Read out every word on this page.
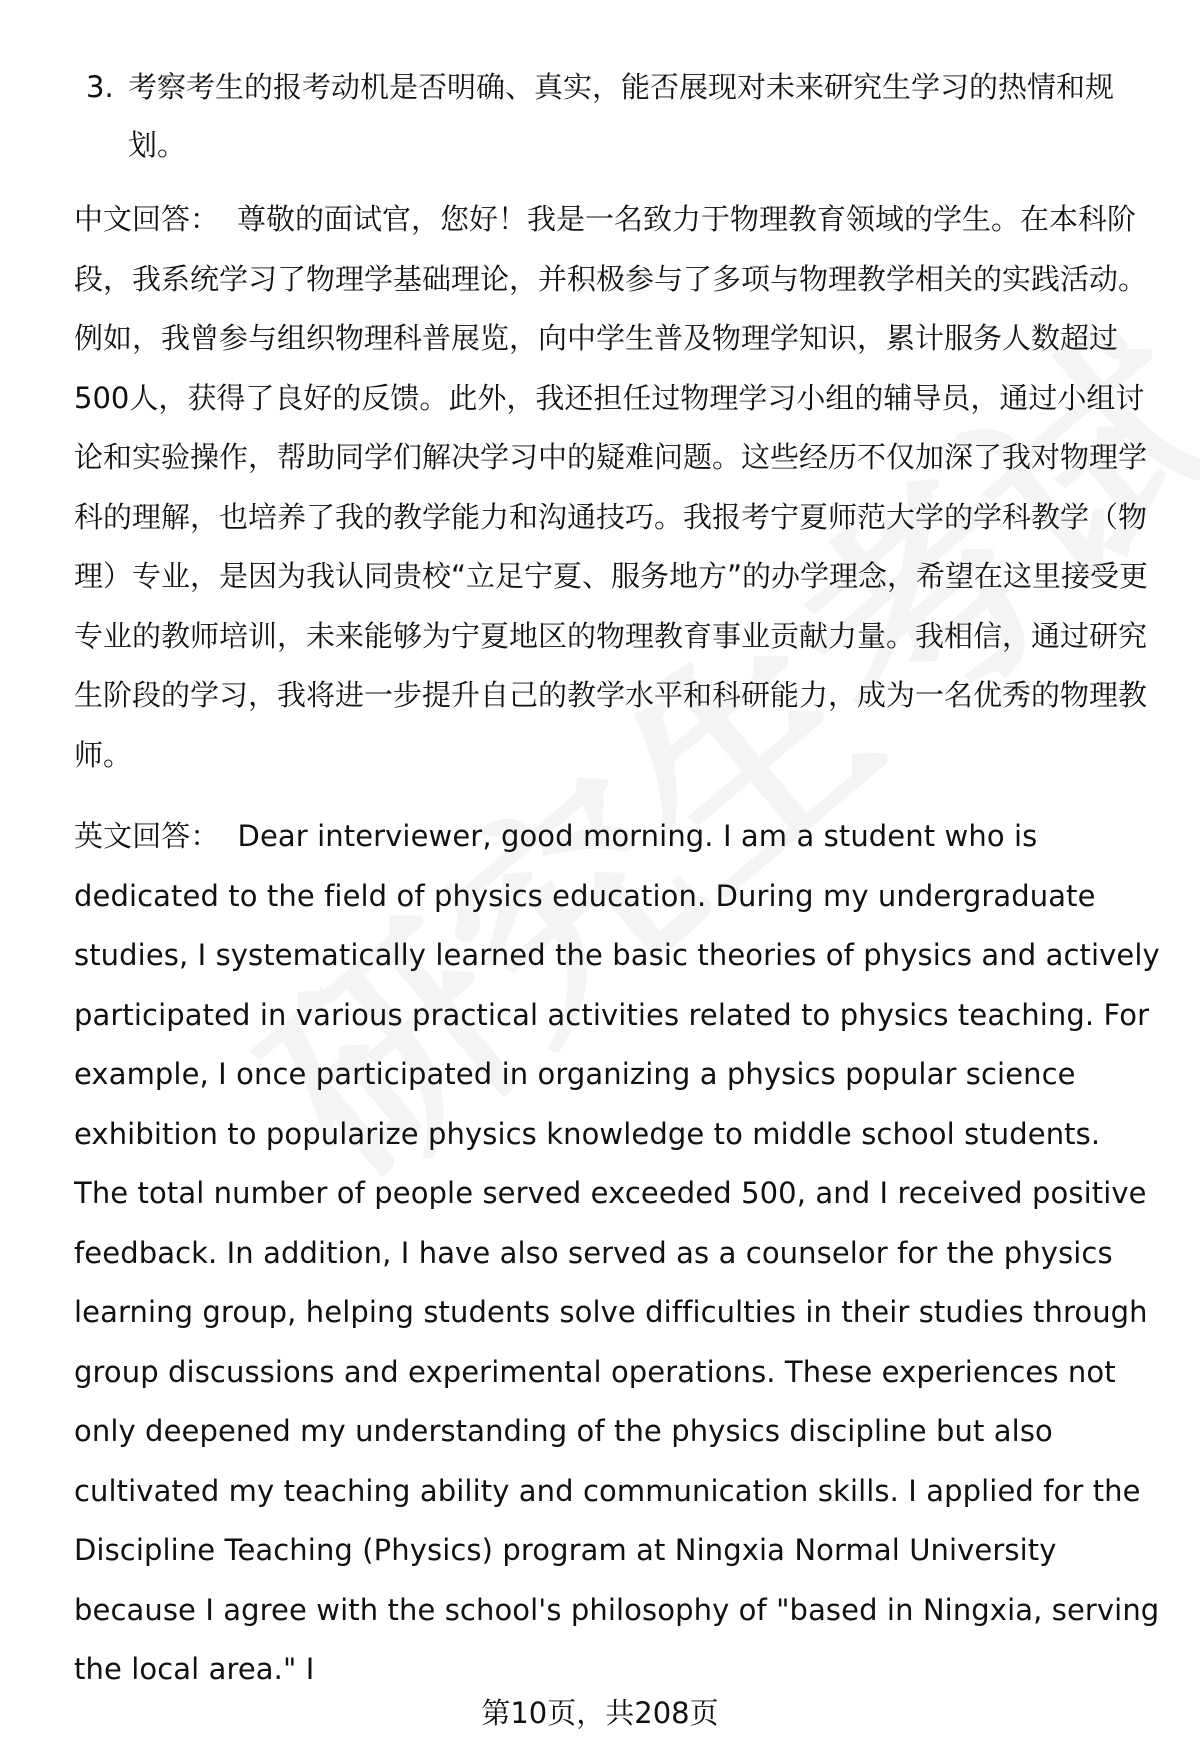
3. 考察考生的报考动机是否明确、真实，能否展现对未来研究生学习的热情和规划。

中文回答： 尊敬的面试官，您好！我是一名致力于物理教育领域的学生。在本科阶段，我系统学习了物理学基础理论，并积极参与了多项与物理教学相关的实践活动。例如，我曾参与组织物理科普展览，向中学生普及物理学知识，累计服务人数超过500人，获得了良好的反馈。此外，我还担任过物理学习小组的辅导员，通过小组讨论和实验操作，帮助同学们解决学习中的疑难问题。这些经历不仅加深了我对物理学科的理解，也培养了我的教学能力和沟通技巧。我报考宁夏师范大学的学科教学（物理）专业，是因为我认同贵校“立足宁夏、服务地方”的办学理念，希望在这里接受更专业的教师培训，未来能够为宁夏地区的物理教育事业贡献力量。我相信，通过研究生阶段的学习，我将进一步提升自己的教学水平和科研能力，成为一名优秀的物理教师。

英文回答： Dear interviewer, good morning. I am a student who is dedicated to the field of physics education. During my undergraduate studies, I systematically learned the basic theories of physics and actively participated in various practical activities related to physics teaching. For example, I once participated in organizing a physics popular science exhibition to popularize physics knowledge to middle school students. The total number of people served exceeded 500, and I received positive feedback. In addition, I have also served as a counselor for the physics learning group, helping students solve difficulties in their studies through group discussions and experimental operations. These experiences not only deepened my understanding of the physics discipline but also cultivated my teaching ability and communication skills. I applied for the Discipline Teaching (Physics) program at Ningxia Normal University because I agree with the school's philosophy of "based in Ningxia, serving the local area." I

第10页，共208页
